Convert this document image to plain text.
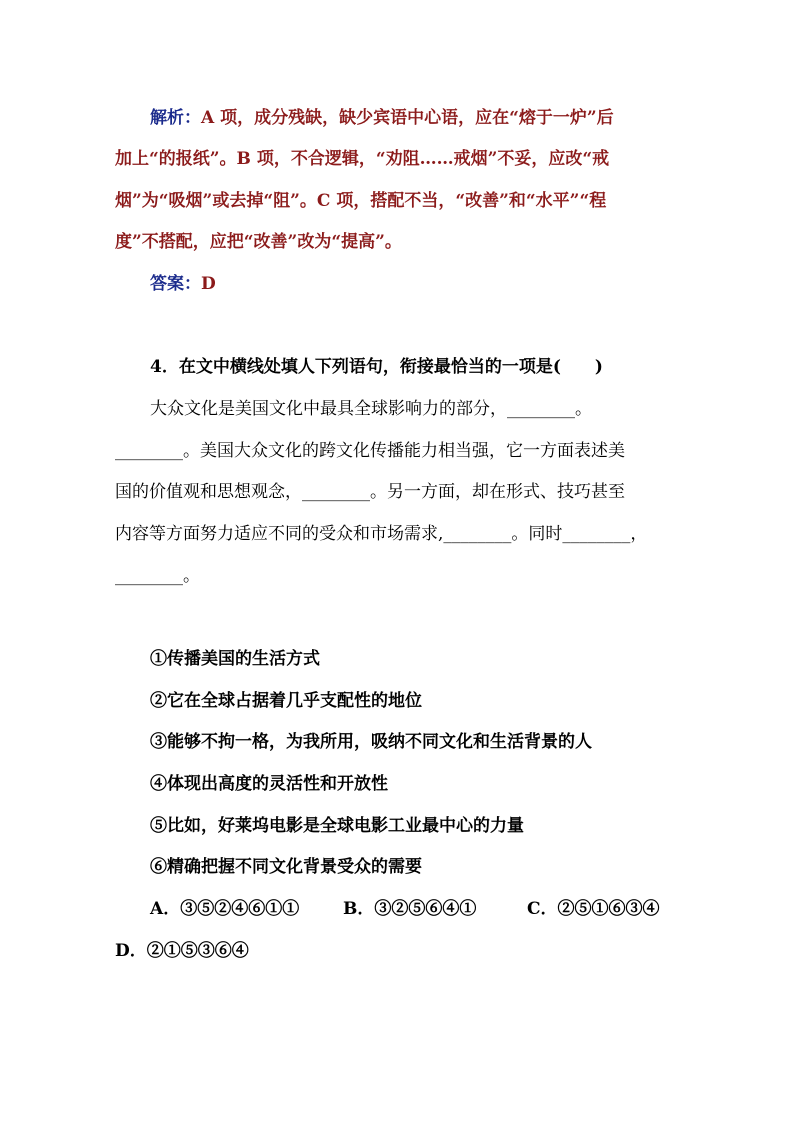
解析：A 项，成分残缺，缺少宾语中心语，应在“熔于一炉”后
加上“的报纸”。B 项，不合逻辑，“劝阻……戒烟”不妥，应改“戒
烟”为“吸烟”或去掉“阻”。C 项，搭配不当，“改善”和“水平”“程
度”不搭配，应把“改善”改为“提高”。
答案：D
4．在文中横线处填人下列语句，衔接最恰当的一项是(　　)
大众文化是美国文化中最具全球影响力的部分，________。
________。美国大众文化的跨文化传播能力相当强，它一方面表述美
国的价值观和思想观念，________。另一方面，却在形式、技巧甚至
内容等方面努力适应不同的受众和市场需求,________。同时________，
________。
①传播美国的生活方式
②它在全球占据着几乎支配性的地位
③能够不拘一格，为我所用，吸纳不同文化和生活背景的人
④体现出高度的灵活性和开放性
⑤比如，好莱坞电影是全球电影工业最中心的力量
⑥精确把握不同文化背景受众的需要
A．③⑤②④⑥①①	B．③②⑤⑥④①	C．②⑤①⑥③④
D．②①⑤③⑥④
